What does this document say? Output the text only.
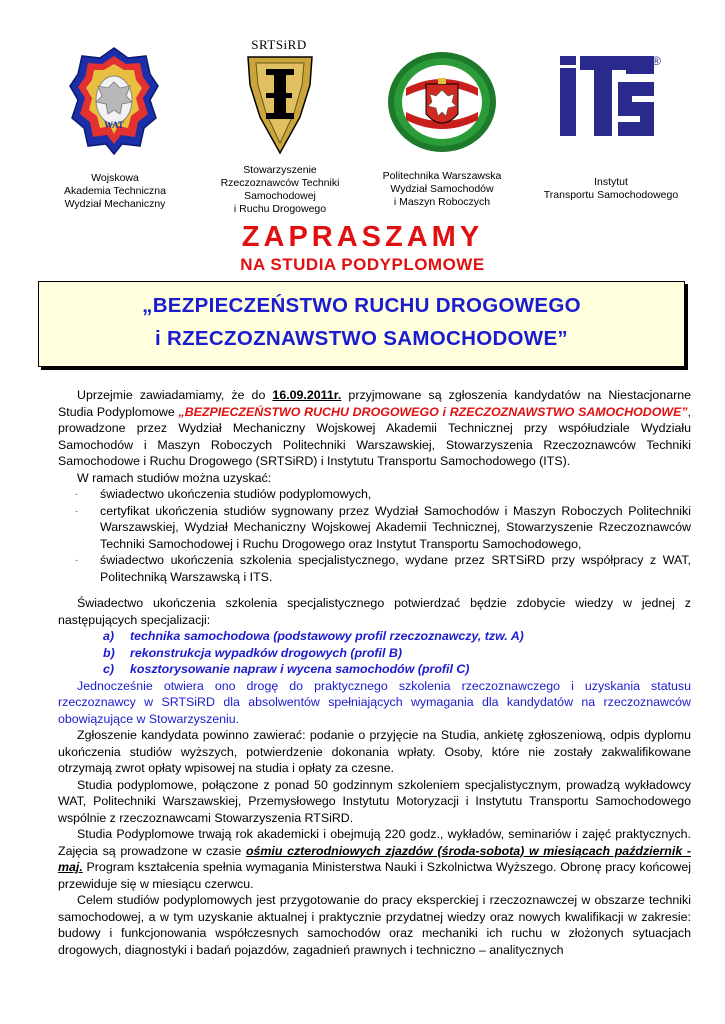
WAT
Wojskowa
Akademia Techniczna
Wydział Mechaniczny
SRTSiRD
Stowarzyszenie
Rzeczoznawców Techniki
Samochodowej
i Ruchu Drogowego
Politechnika Warszawska
Wydział Samochodów
i Maszyn Roboczych
®
Instytut
Transportu Samochodowego
ZAPRASZAMY
NA STUDIA PODYPLOMOWE
„BEZPIECZEŃSTWO RUCHU DROGOWEGO
i RZECZOZNAWSTWO SAMOCHODOWE”

Uprzejmie zawiadamiamy, że do 16.09.2011r. przyjmowane są zgłoszenia kandydatów na Niestacjonarne Studia Podyplomowe „BEZPIECZEŃSTWO RUCHU DROGOWEGO i RZECZOZNAWSTWO SAMOCHODOWE”, prowadzone przez Wydział Mechaniczny Wojskowej Akademii Technicznej przy współudziale Wydziału Samochodów i Maszyn Roboczych Politechniki Warszawskiej, Stowarzyszenia Rzeczoznawców Techniki Samochodowe i Ruchu Drogowego (SRTSiRD) i Instytutu Transportu Samochodowego (ITS).

W ramach studiów można uzyskać:

- świadectwo ukończenia studiów podyplomowych,
- certyfikat ukończenia studiów sygnowany przez Wydział Samochodów i Maszyn Roboczych Politechniki Warszawskiej, Wydział Mechaniczny Wojskowej Akademii Technicznej, Stowarzyszenie Rzeczoznawców Techniki Samochodowej i Ruchu Drogowego oraz Instytut Transportu Samochodowego,
- świadectwo ukończenia szkolenia specjalistycznego, wydane przez SRTSiRD przy współpracy z WAT, Politechniką Warszawską i ITS.

Świadectwo ukończenia szkolenia specjalistycznego potwierdzać będzie zdobycie wiedzy w jednej z następujących specjalizacji:

a) technika samochodowa (podstawowy profil rzeczoznawczy, tzw. A)
b) rekonstrukcja wypadków drogowych (profil B)
c) kosztorysowanie napraw i wycena samochodów (profil C)

Jednocześnie otwiera ono drogę do praktycznego szkolenia rzeczoznawczego i uzyskania statusu rzeczoznawcy w SRTSiRD dla absolwentów spełniających wymagania dla kandydatów na rzeczoznawców obowiązujące w Stowarzyszeniu.

Zgłoszenie kandydata powinno zawierać: podanie o przyjęcie na Studia, ankietę zgłoszeniową, odpis dyplomu ukończenia studiów wyższych, potwierdzenie dokonania wpłaty. Osoby, które nie zostały zakwalifikowane otrzymają zwrot opłaty wpisowej na studia i opłaty za czesne.

Studia podyplomowe, połączone z ponad 50 godzinnym szkoleniem specjalistycznym, prowadzą wykładowcy WAT, Politechniki Warszawskiej, Przemysłowego Instytutu Motoryzacji i Instytutu Transportu Samochodowego wspólnie z rzeczoznawcami Stowarzyszenia RTSiRD.

Studia Podyplomowe trwają rok akademicki i obejmują 220 godz., wykładów, seminariów i zajęć praktycznych. Zajęcia są prowadzone w czasie ośmiu czterodniowych zjazdów (środa-sobota) w miesiącach październik - maj. Program kształcenia spełnia wymagania Ministerstwa Nauki i Szkolnictwa Wyższego. Obronę pracy końcowej przewiduje się w miesiącu czerwcu.

Celem studiów podyplomowych jest przygotowanie do pracy eksperckiej i rzeczoznawczej w obszarze techniki samochodowej, a w tym uzyskanie aktualnej i praktycznie przydatnej wiedzy oraz nowych kwalifikacji w zakresie: budowy i funkcjonowania współczesnych samochodów oraz mechaniki ich ruchu w złożonych sytuacjach drogowych, diagnostyki i badań pojazdów, zagadnień prawnych i techniczno – analitycznych
